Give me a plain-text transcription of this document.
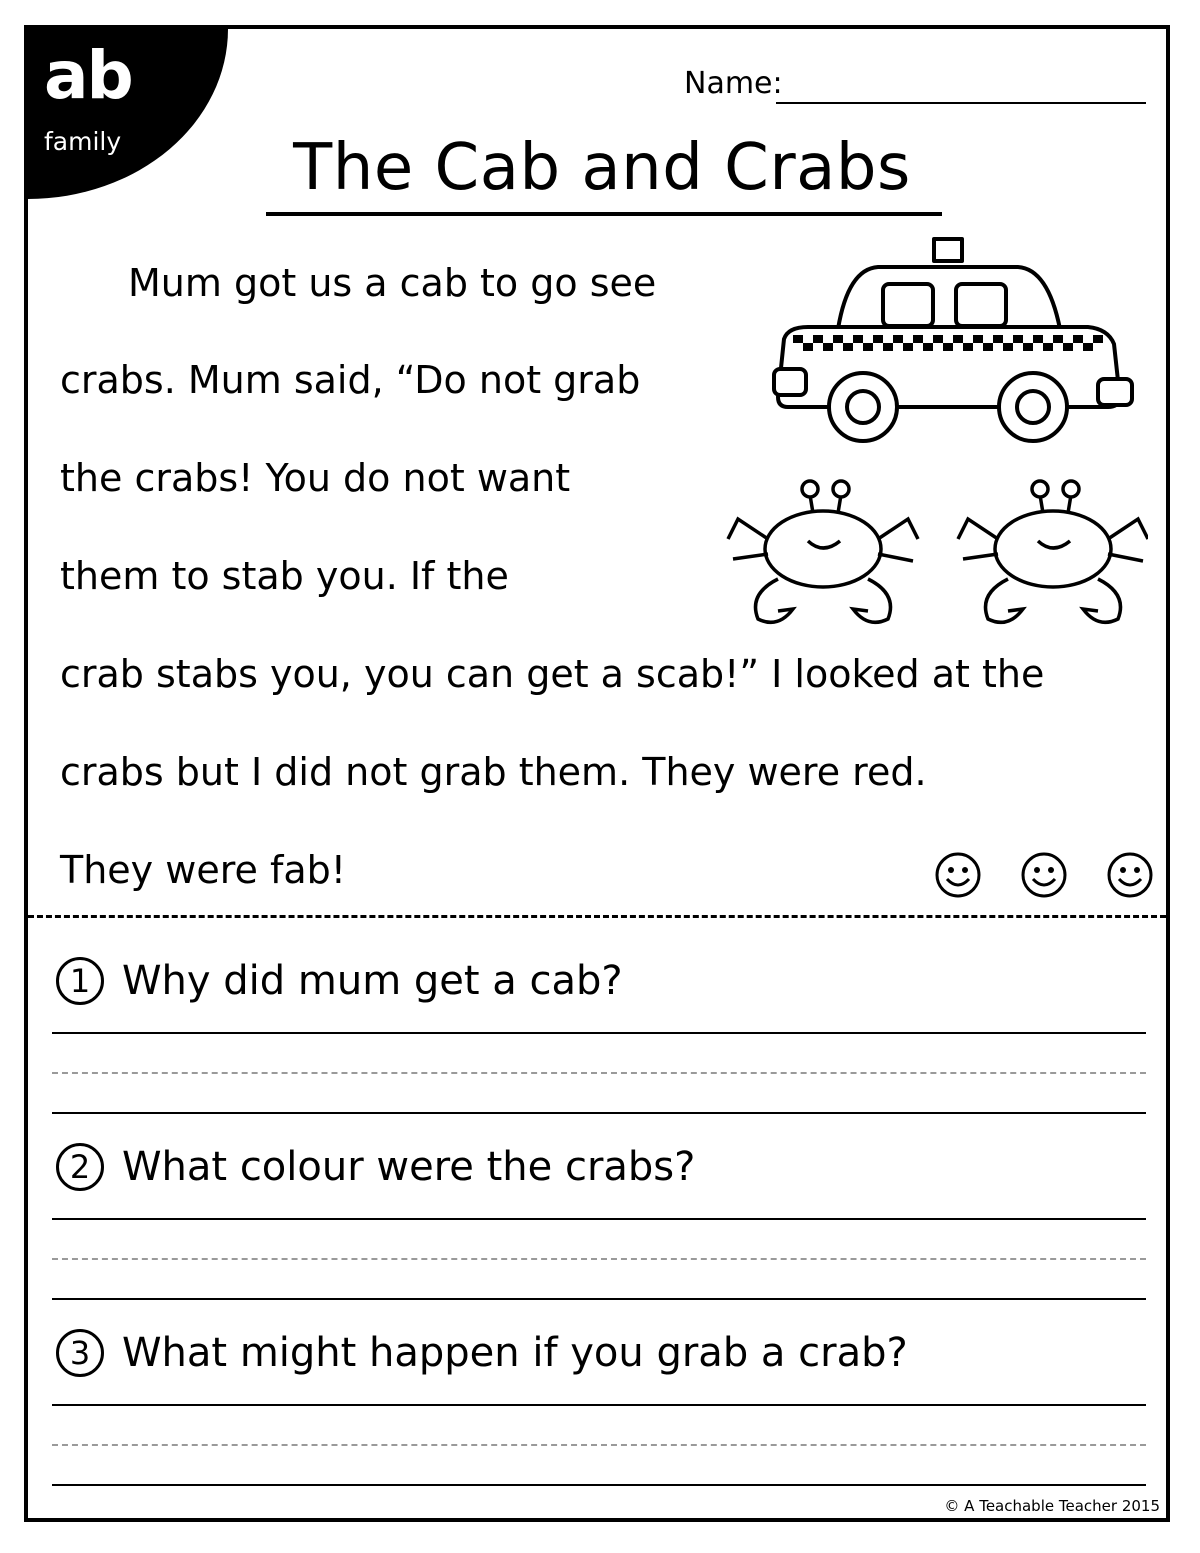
ab
family
Name:
The Cab and Crabs
Mum got us a cab to go see
crabs. Mum said, “Do not grab
the crabs! You do not want
them to stab you. If the
crab stabs you, you can get a scab!” I looked at the
crabs but I did not grab them. They were red.
They were fab!
1 Why did mum get a cab?
2 What colour were the crabs?
3 What might happen if you grab a crab?
© A Teachable Teacher 2015
